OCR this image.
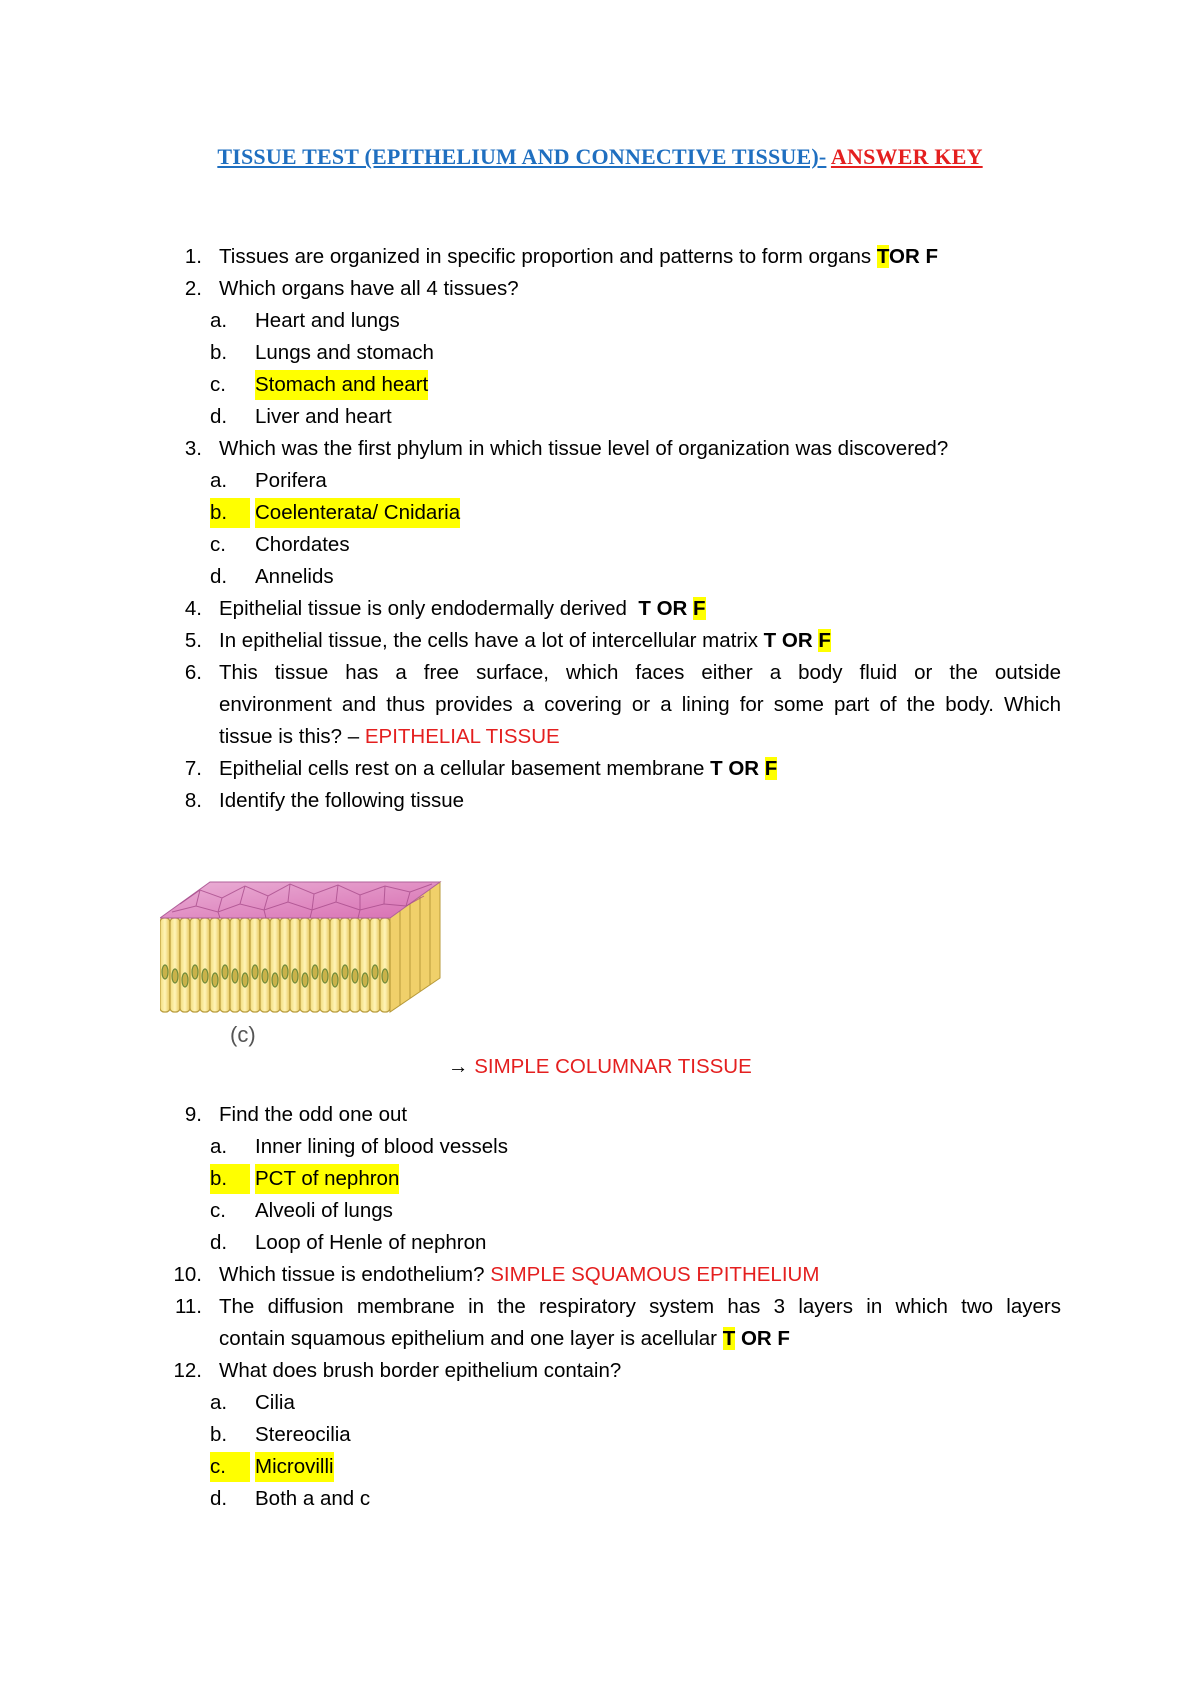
TISSUE TEST (EPITHELIUM AND CONNECTIVE TISSUE)- ANSWER KEY
1. Tissues are organized in specific proportion and patterns to form organs TOR F
2. Which organs have all 4 tissues?
a.	Heart and lungs
b.	Lungs and stomach
c.	Stomach and heart
d.	Liver and heart
3. Which was the first phylum in which tissue level of organization was discovered?
a.	Porifera
b.	Coelenterata/ Cnidaria
c.	Chordates
d.	Annelids
4. Epithelial tissue is only endodermally derived T OR F
5. In epithelial tissue, the cells have a lot of intercellular matrix T OR F
6. This tissue has a free surface, which faces either a body fluid or the outside
environment and thus provides a covering or a lining for some part of the body. Which
tissue is this? – EPITHELIAL TISSUE
7. Epithelial cells rest on a cellular basement membrane T OR F
8. Identify the following tissue
(c)
→ SIMPLE COLUMNAR TISSUE
9. Find the odd one out
a.	Inner lining of blood vessels
b.	PCT of nephron
c.	Alveoli of lungs
d.	Loop of Henle of nephron
10. Which tissue is endothelium? SIMPLE SQUAMOUS EPITHELIUM
11. The diffusion membrane in the respiratory system has 3 layers in which two layers
contain squamous epithelium and one layer is acellular T OR F
12. What does brush border epithelium contain?
a.	Cilia
b.	Stereocilia
c.	Microvilli
d.	Both a and c
